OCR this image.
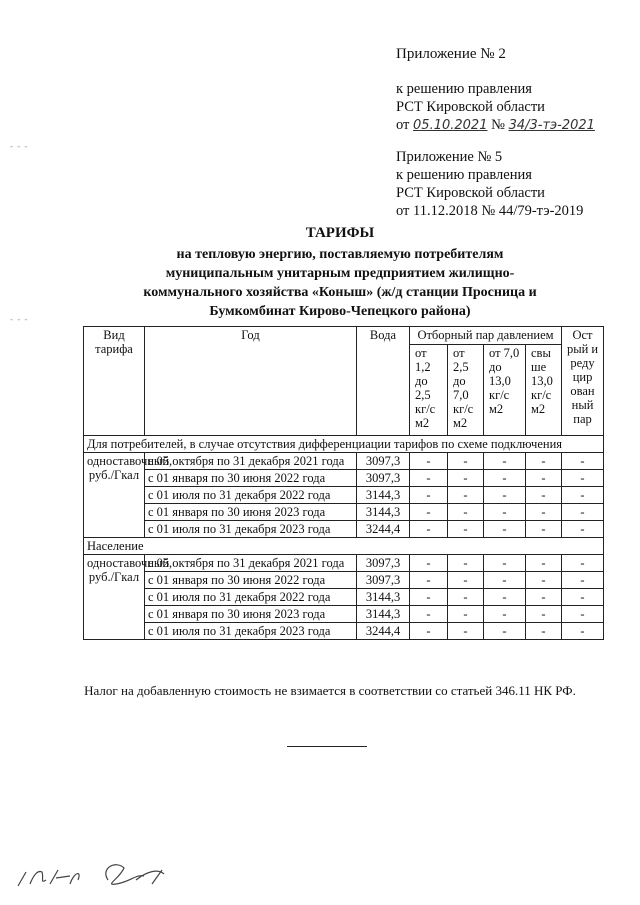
Приложение № 2
к решению правления
РСТ Кировской области
от 05.10.2021 № 34/3-тэ-2021
Приложение № 5
к решению правления
РСТ Кировской области
от 11.12.2018 № 44/79-тэ-2019
- - -
- - -
ТАРИФЫ
на тепловую энергию, поставляемую потребителям
муниципальным унитарным предприятием жилищно-
коммунального хозяйства «Коныш» (ж/д станции Просница и
Бумкомбинат Кирово-Чепецкого района)
Вид тарифа	Год	Вода	Отборный пар давлением				Ост рый и реду цир ован ный пар
			от 1,2 до 2,5 кг/с м2	от 2,5 до 7,0 кг/с м2	от 7,0 до 13,0 кг/с м2	свы ше 13,0 кг/с м2	
Для потребителей, в случае отсутствия дифференциации тарифов по схеме подключения							
одноставочный, руб./Гкал	с 05 октября по 31 декабря 2021 года	3097,3	-	-	-	-	-
	с 01 января по 30 июня 2022 года	3097,3	-	-	-	-	-
	с 01 июля по 31 декабря 2022 года	3144,3	-	-	-	-	-
	с 01 января по 30 июня 2023 года	3144,3	-	-	-	-	-
	с 01 июля по 31 декабря 2023 года	3244,4	-	-	-	-	-
Население							
одноставочный, руб./Гкал	с 05 октября по 31 декабря 2021 года	3097,3	-	-	-	-	-
	с 01 января по 30 июня 2022 года	3097,3	-	-	-	-	-
	с 01 июля по 31 декабря 2022 года	3144,3	-	-	-	-	-
	с 01 января по 30 июня 2023 года	3144,3	-	-	-	-	-
	с 01 июля по 31 декабря 2023 года	3244,4	-	-	-	-	-
Налог на добавленную стоимость не взимается в соответствии со статьей 346.11 НК РФ.
